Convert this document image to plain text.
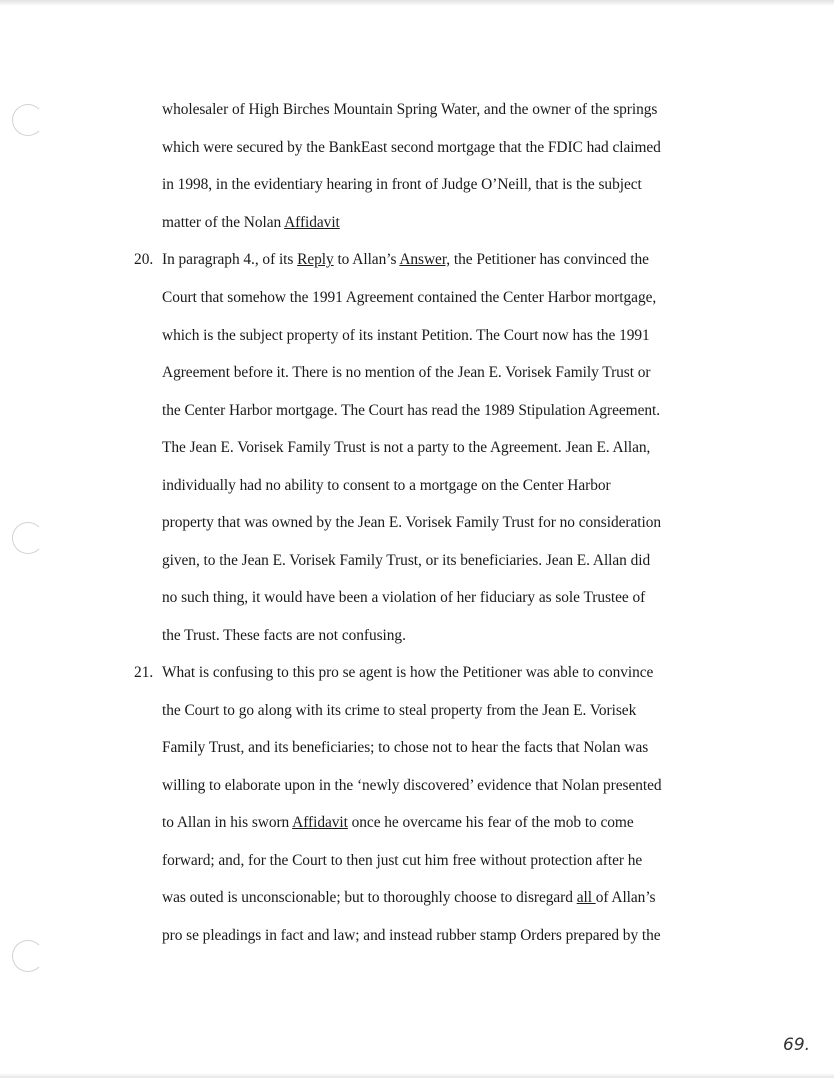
wholesaler of High Birches Mountain Spring Water, and the owner of the springs
which were secured by the BankEast second mortgage that the FDIC had claimed
in 1998, in the evidentiary hearing in front of Judge O’Neill, that is the subject
matter of the Nolan Affidavit
20. In paragraph 4., of its Reply to Allan’s Answer, the Petitioner has convinced the
Court that somehow the 1991 Agreement contained the Center Harbor mortgage,
which is the subject property of its instant Petition. The Court now has the 1991
Agreement before it. There is no mention of the Jean E. Vorisek Family Trust or
the Center Harbor mortgage. The Court has read the 1989 Stipulation Agreement.
The Jean E. Vorisek Family Trust is not a party to the Agreement. Jean E. Allan,
individually had no ability to consent to a mortgage on the Center Harbor
property that was owned by the Jean E. Vorisek Family Trust for no consideration
given, to the Jean E. Vorisek Family Trust, or its beneficiaries. Jean E. Allan did
no such thing, it would have been a violation of her fiduciary as sole Trustee of
the Trust. These facts are not confusing.
21. What is confusing to this pro se agent is how the Petitioner was able to convince
the Court to go along with its crime to steal property from the Jean E. Vorisek
Family Trust, and its beneficiaries; to chose not to hear the facts that Nolan was
willing to elaborate upon in the ‘newly discovered’ evidence that Nolan presented
to Allan in his sworn Affidavit once he overcame his fear of the mob to come
forward; and, for the Court to then just cut him free without protection after he
was outed is unconscionable; but to thoroughly choose to disregard all of Allan’s
pro se pleadings in fact and law; and instead rubber stamp Orders prepared by the
69.
